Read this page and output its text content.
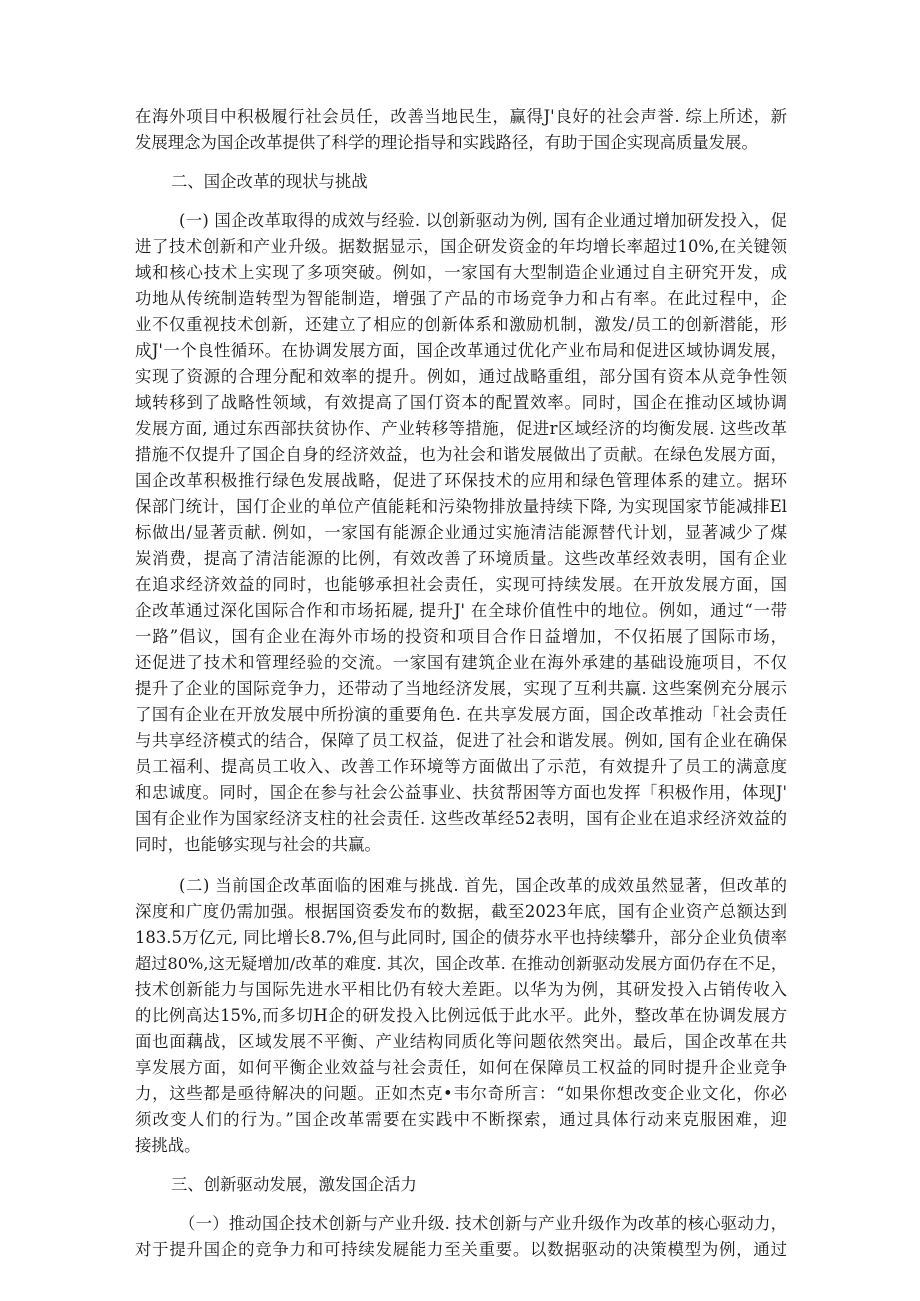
在海外项目中积极履行社会员任，改善当地民生，赢得J'良好的社会声誉. 综上所述，新
发展理念为国企改革提供了科学的理论指导和实践路径，有助于国企实现高质量发展。
二、国企改革的现状与挑战
(一) 国企改革取得的成效与经验. 以创新驱动为例, 国有企业通过增加研发投入，促
进了技术创新和产业升级。据数据显示，国企研发资金的年均增长率超过10%,在关键领
域和核心技术上实现了多项突破。例如，一家国有大型制造企业通过自主研究开发，成
功地从传统制造转型为智能制造，增强了产品的市场竞争力和占有率。在此过程中，企
业不仅重视技术创新，还建立了相应的创新体系和激励机制，激发/员工的创新潜能，形
成J'一个良性循环。在协调发展方面，国企改革通过优化产业布局和促进区域协调发展，
实现了资源的合理分配和效率的提升。例如，通过战略重组，部分国有资本从竞争性领
域转移到了战略性领域，有效提高了国仃资本的配置效率。同时，国企在推动区域协调
发展方面, 通过东西部扶贫协作、产业转移等措施，促进r区域经济的均衡发展. 这些改革
措施不仅提升了国企自身的经济效益，也为社会和谐发展做出了贡献。在绿色发展方面，
国企改革积极推行绿色发展战略，促进了环保技术的应用和绿色管理体系的建立。据环
保部门统计，国仃企业的单位产值能耗和污染物排放量持续下降, 为实现国家节能减排El
标做出/显著贡献. 例如，一家国有能源企业通过实施清洁能源替代计划，显著减少了煤
炭消费，提高了清洁能源的比例，有效改善了环境质量。这些改革经效表明，国有企业
在追求经济效益的同时，也能够承担社会责任，实现可持续发展。在开放发展方面，国
企改革通过深化国际合作和市场拓屣, 提升J' 在全球价值性中的地位。例如，通过“一带
一路”倡议，国有企业在海外市场的投资和项目合作日益增加，不仅拓展了国际市场，
还促进了技术和管理经验的交流。一家国有建筑企业在海外承建的基础设施项目，不仅
提升了企业的国际竞争力，还带动了当地经济发展，实现了互利共赢. 这些案例充分展示
了国有企业在开放发展中所扮演的重要角色. 在共享发展方面，国企改革推动「社会责任
与共享经济模式的结合，保障了员工权益，促进了社会和谐发展。例如, 国有企业在确保
员工福利、提高员工收入、改善工作环境等方面做出了示范，有效提升了员工的满意度
和忠诚度。同时，国企在参与社会公益事业、扶贫帮困等方面也发挥「积极作用，体现J'
国有企业作为国家经济支柱的社会责任. 这些改革经52表明，国有企业在追求经济效益的
同时，也能够实现与社会的共赢。
(二) 当前国企改革面临的困难与挑战. 首先，国企改革的成效虽然显著，但改革的
深度和广度仍需加强。根据国资委发布的数据，截至2023年底，国有企业资产总额达到
183.5万亿元, 同比增长8.7%,但与此同时, 国企的债芬水平也持续攀升，部分企业负债率
超过80%,这无疑增加/改革的难度. 其次，国企改革. 在推动创新驱动发展方面仍存在不足，
技术创新能力与国际先进水平相比仍有较大差距。以华为为例，其研发投入占销传收入
的比例高达15%,而多切H企的研发投入比例远低于此水平。此外，整改革在协调发展方
面也面藕战，区域发展不平衡、产业结构同质化等问题依然突出。最后，国企改革在共
享发展方面，如何平衡企业效益与社会责任，如何在保障员工权益的同时提升企业竞争
力，这些都是亟待解决的问题。正如杰克•韦尔奇所言：“如果你想改变企业文化，你必
须改变人们的行为。”国企改革需要在实践中不断探索，通过具体行动来克服困难，迎
接挑战。
三、创新驱动发展，激发国企活力
（一）推动国企技术创新与产业升级. 技术创新与产业升级作为改革的核心驱动力，
对于提升国企的竞争力和可持续发屣能力至关重要。以数据驱动的决策模型为例，通过
